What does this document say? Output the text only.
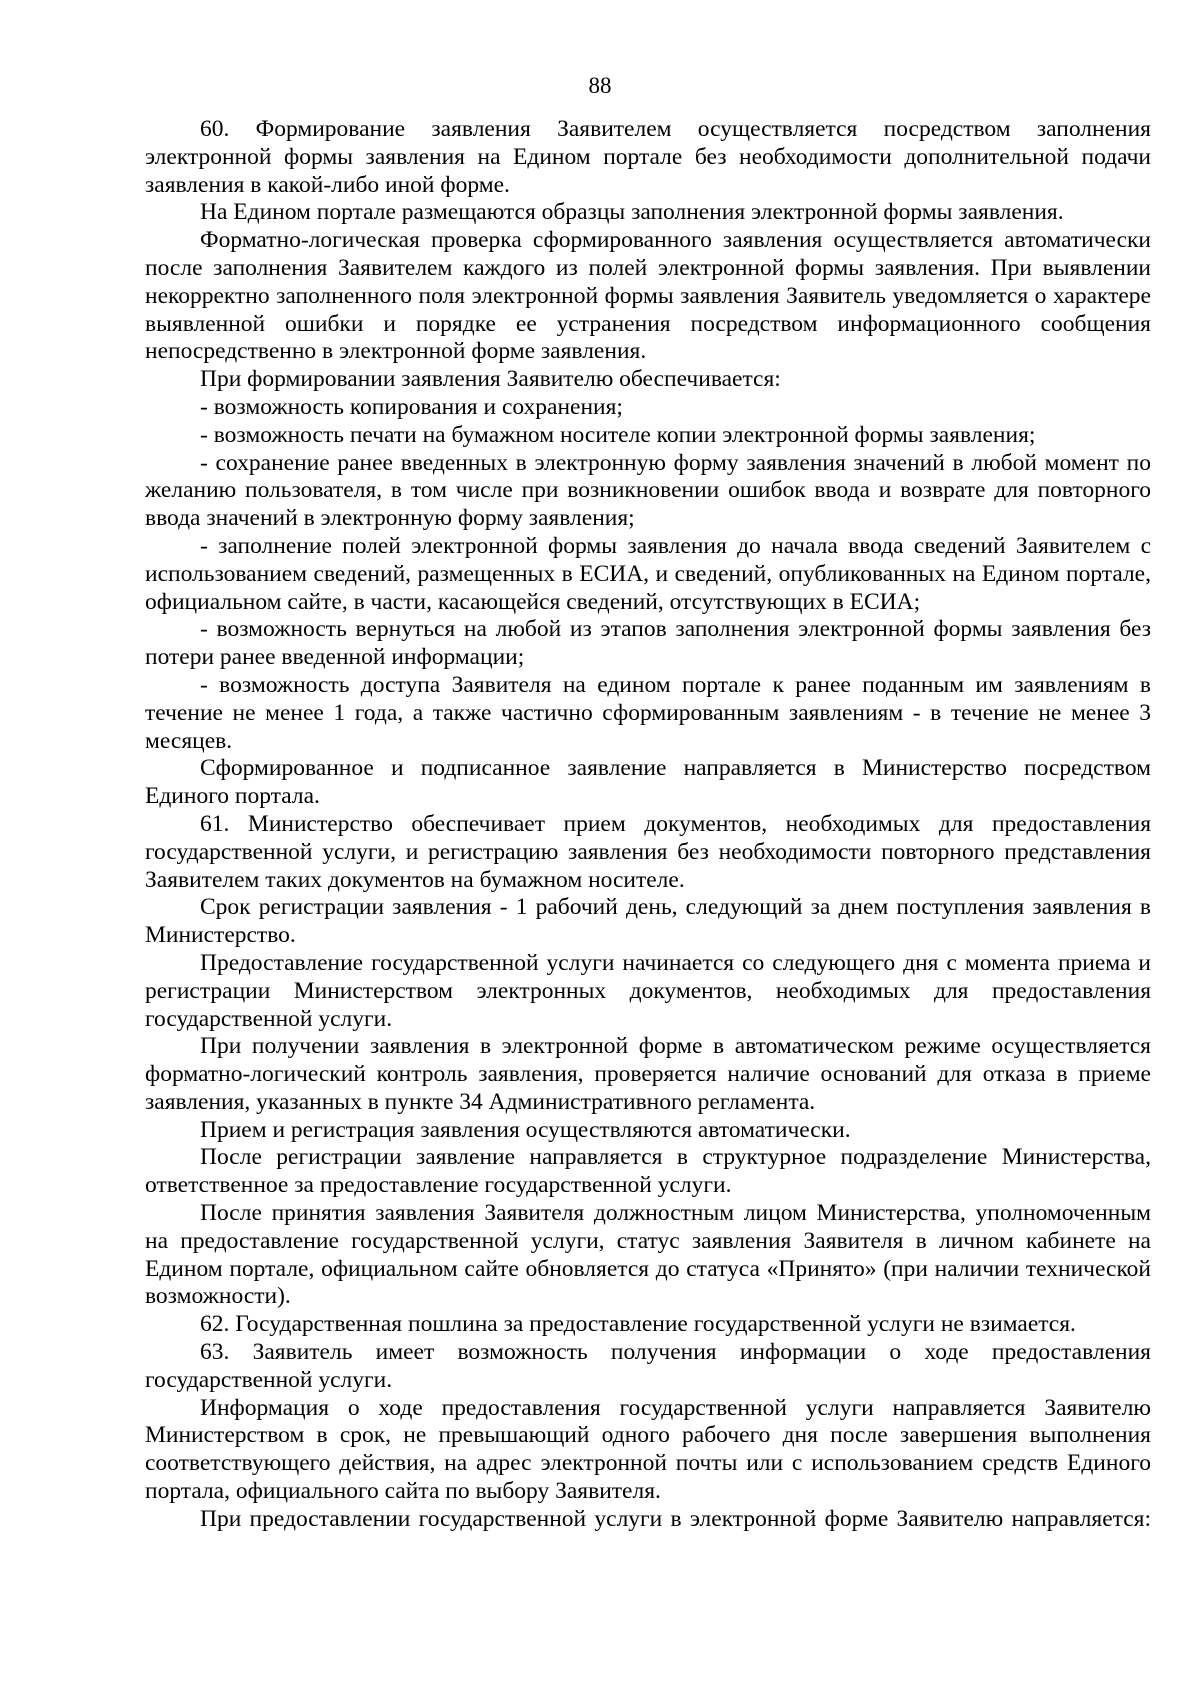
88

60. Формирование заявления Заявителем осуществляется посредством заполнения электронной формы заявления на Едином портале без необходимости дополнительной подачи заявления в какой-либо иной форме.

На Едином портале размещаются образцы заполнения электронной формы заявления.

Форматно-логическая проверка сформированного заявления осуществляется автоматически после заполнения Заявителем каждого из полей электронной формы заявления. При выявлении некорректно заполненного поля электронной формы заявления Заявитель уведомляется о характере выявленной ошибки и порядке ее устранения посредством информационного сообщения непосредственно в электронной форме заявления.

При формировании заявления Заявителю обеспечивается:

- возможность копирования и сохранения;

- возможность печати на бумажном носителе копии электронной формы заявления;

- сохранение ранее введенных в электронную форму заявления значений в любой момент по желанию пользователя, в том числе при возникновении ошибок ввода и возврате для повторного ввода значений в электронную форму заявления;

- заполнение полей электронной формы заявления до начала ввода сведений Заявителем с использованием сведений, размещенных в ЕСИА, и сведений, опубликованных на Едином портале, официальном сайте, в части, касающейся сведений, отсутствующих в ЕСИА;

- возможность вернуться на любой из этапов заполнения электронной формы заявления без потери ранее введенной информации;

- возможность доступа Заявителя на едином портале к ранее поданным им заявлениям в течение не менее 1 года, а также частично сформированным заявлениям - в течение не менее 3 месяцев.

Сформированное и подписанное заявление направляется в Министерство посредством Единого портала.

61. Министерство обеспечивает прием документов, необходимых для предоставления государственной услуги, и регистрацию заявления без необходимости повторного представления Заявителем таких документов на бумажном носителе.

Срок регистрации заявления - 1 рабочий день, следующий за днем поступления заявления в Министерство.

Предоставление государственной услуги начинается со следующего дня с момента приема и регистрации Министерством электронных документов, необходимых для предоставления государственной услуги.

При получении заявления в электронной форме в автоматическом режиме осуществляется форматно-логический контроль заявления, проверяется наличие оснований для отказа в приеме заявления, указанных в пункте 34 Административного регламента.

Прием и регистрация заявления осуществляются автоматически.

После регистрации заявление направляется в структурное подразделение Министерства, ответственное за предоставление государственной услуги.

После принятия заявления Заявителя должностным лицом Министерства, уполномоченным на предоставление государственной услуги, статус заявления Заявителя в личном кабинете на Едином портале, официальном сайте обновляется до статуса «Принято» (при наличии технической возможности).

62. Государственная пошлина за предоставление государственной услуги не взимается.

63. Заявитель имеет возможность получения информации о ходе предоставления государственной услуги.

Информация о ходе предоставления государственной услуги направляется Заявителю Министерством в срок, не превышающий одного рабочего дня после завершения выполнения соответствующего действия, на адрес электронной почты или с использованием средств Единого портала, официального сайта по выбору Заявителя.

При предоставлении государственной услуги в электронной форме Заявителю направляется:
